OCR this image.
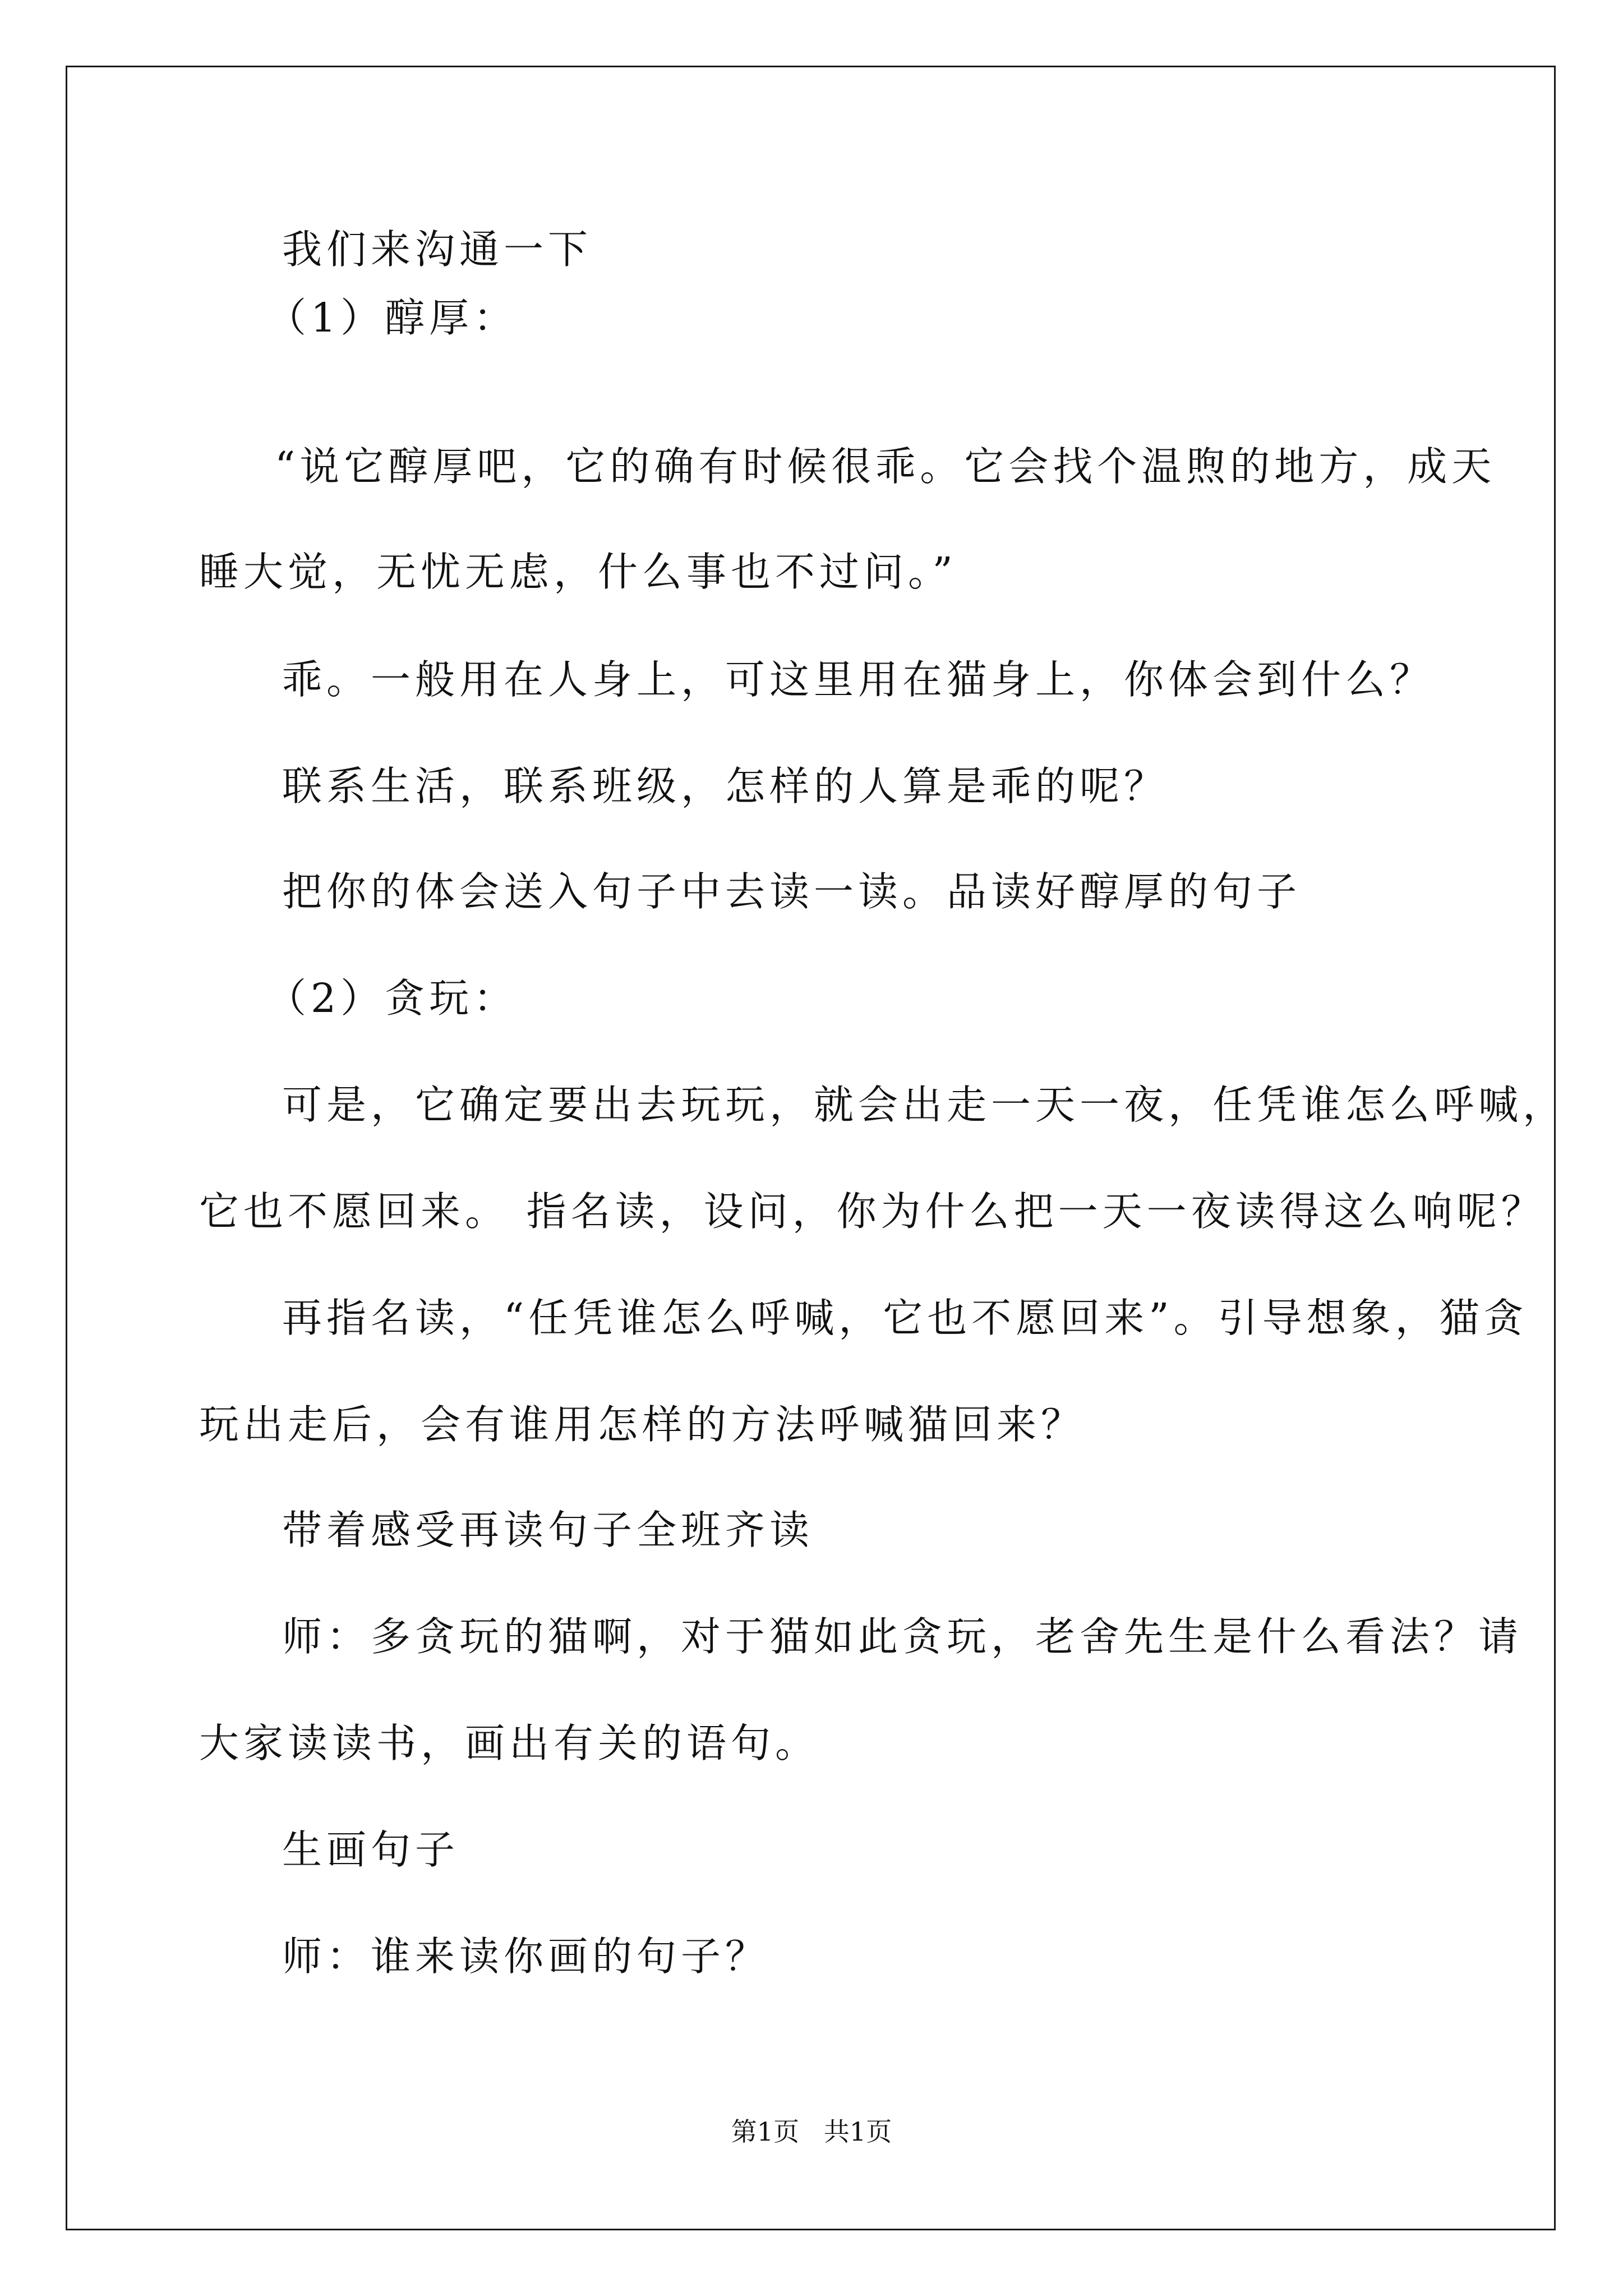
我们来沟通一下
（1）醇厚：
“说它醇厚吧，它的确有时候很乖。它会找个温煦的地方，成天
睡大觉，无忧无虑，什么事也不过问。”
乖。一般用在人身上，可这里用在猫身上，你体会到什么？
联系生活，联系班级，怎样的人算是乖的呢？
把你的体会送入句子中去读一读。品读好醇厚的句子
（2）贪玩：
可是，它确定要出去玩玩，就会出走一天一夜，任凭谁怎么呼喊，
它也不愿回来。 指名读，设问，你为什么把一天一夜读得这么响呢？
再指名读，“任凭谁怎么呼喊，它也不愿回来”。引导想象，猫贪
玩出走后，会有谁用怎样的方法呼喊猫回来？
带着感受再读句子全班齐读
师：多贪玩的猫啊，对于猫如此贪玩，老舍先生是什么看法？请
大家读读书，画出有关的语句。
生画句子
师：谁来读你画的句子？
第1页   共1页
